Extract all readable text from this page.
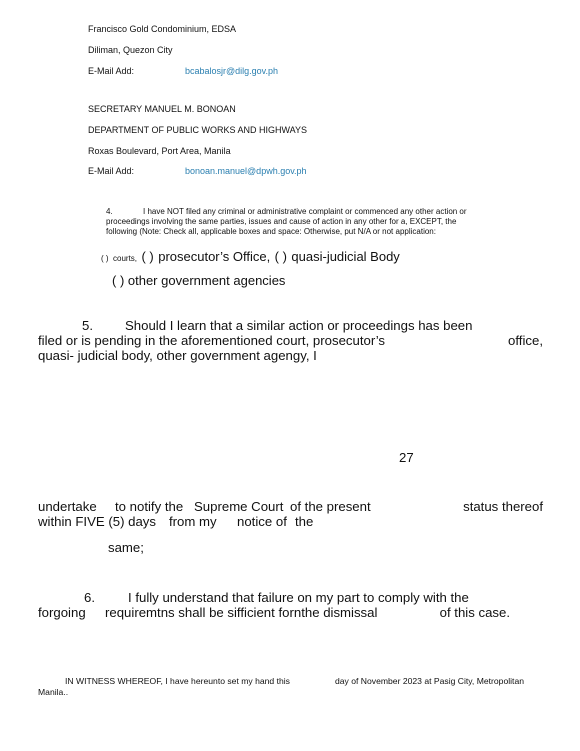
Francisco Gold Condominium, EDSA
Diliman, Quezon City
E-Mail Add:	bcabalosjr@dilg.gov.ph
SECRETARY MANUEL M. BONOAN
DEPARTMENT OF PUBLIC WORKS AND HIGHWAYS
Roxas Boulevard, Port Area, Manila
E-Mail Add:	bonoan.manuel@dpwh.gov.ph
4.	I have NOT filed any criminal or administrative complaint or commenced any other action or
proceedings involving the same parties, issues and cause of action in any other for a, EXCEPT, the
following (Note: Check all, applicable boxes and space: Otherwise, put N/A or not application:
( ) courts, ( ) prosecutor’s Office, ( ) quasi-judicial Body
( ) other government agencies
5. Should I learn that a similar action or proceedings has been
filed or is pending in the aforementioned court, prosecutor’s	office,
quasi- judicial body, other government agengy, I
27
undertake to notify the Supreme Court of the present	status thereof
within FIVE (5) days from my notice of the
same;
6.	I fully understand that failure on my part to comply with the
forgoing requiremtns shall be sifficient fornthe dismissal	of this case.
IN WITNESS WHEREOF, I have hereunto set my hand this	day of November 2023 at Pasig City, Metropolitan
Manila..
